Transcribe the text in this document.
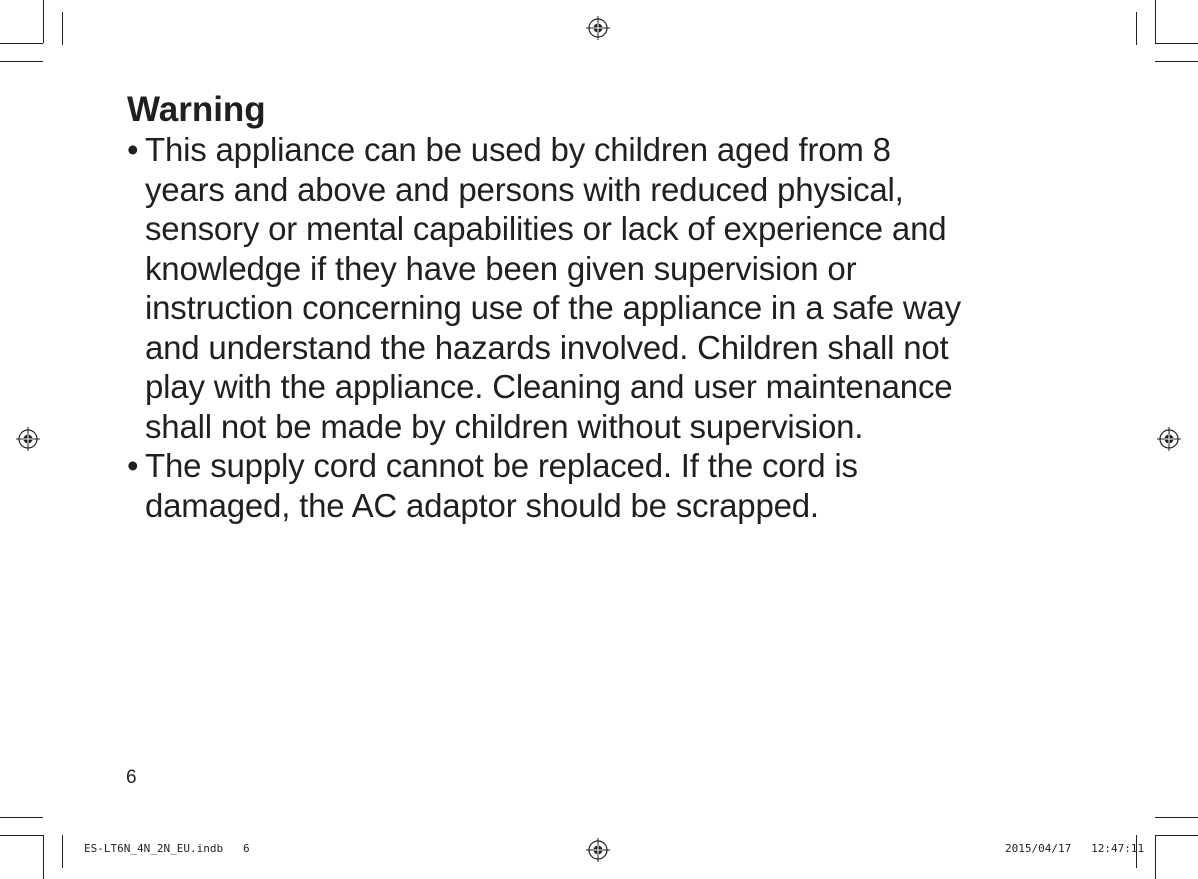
Warning
• This appliance can be used by children aged from 8
years and above and persons with reduced physical,
sensory or mental capabilities or lack of experience and
knowledge if they have been given supervision or
instruction concerning use of the appliance in a safe way
and understand the hazards involved. Children shall not
play with the appliance. Cleaning and user maintenance
shall not be made by children without supervision.
• The supply cord cannot be replaced. If the cord is
damaged, the AC adaptor should be scrapped.
6
ES-LT6N_4N_2N_EU.indb   6	2015/04/17   12:47:11
